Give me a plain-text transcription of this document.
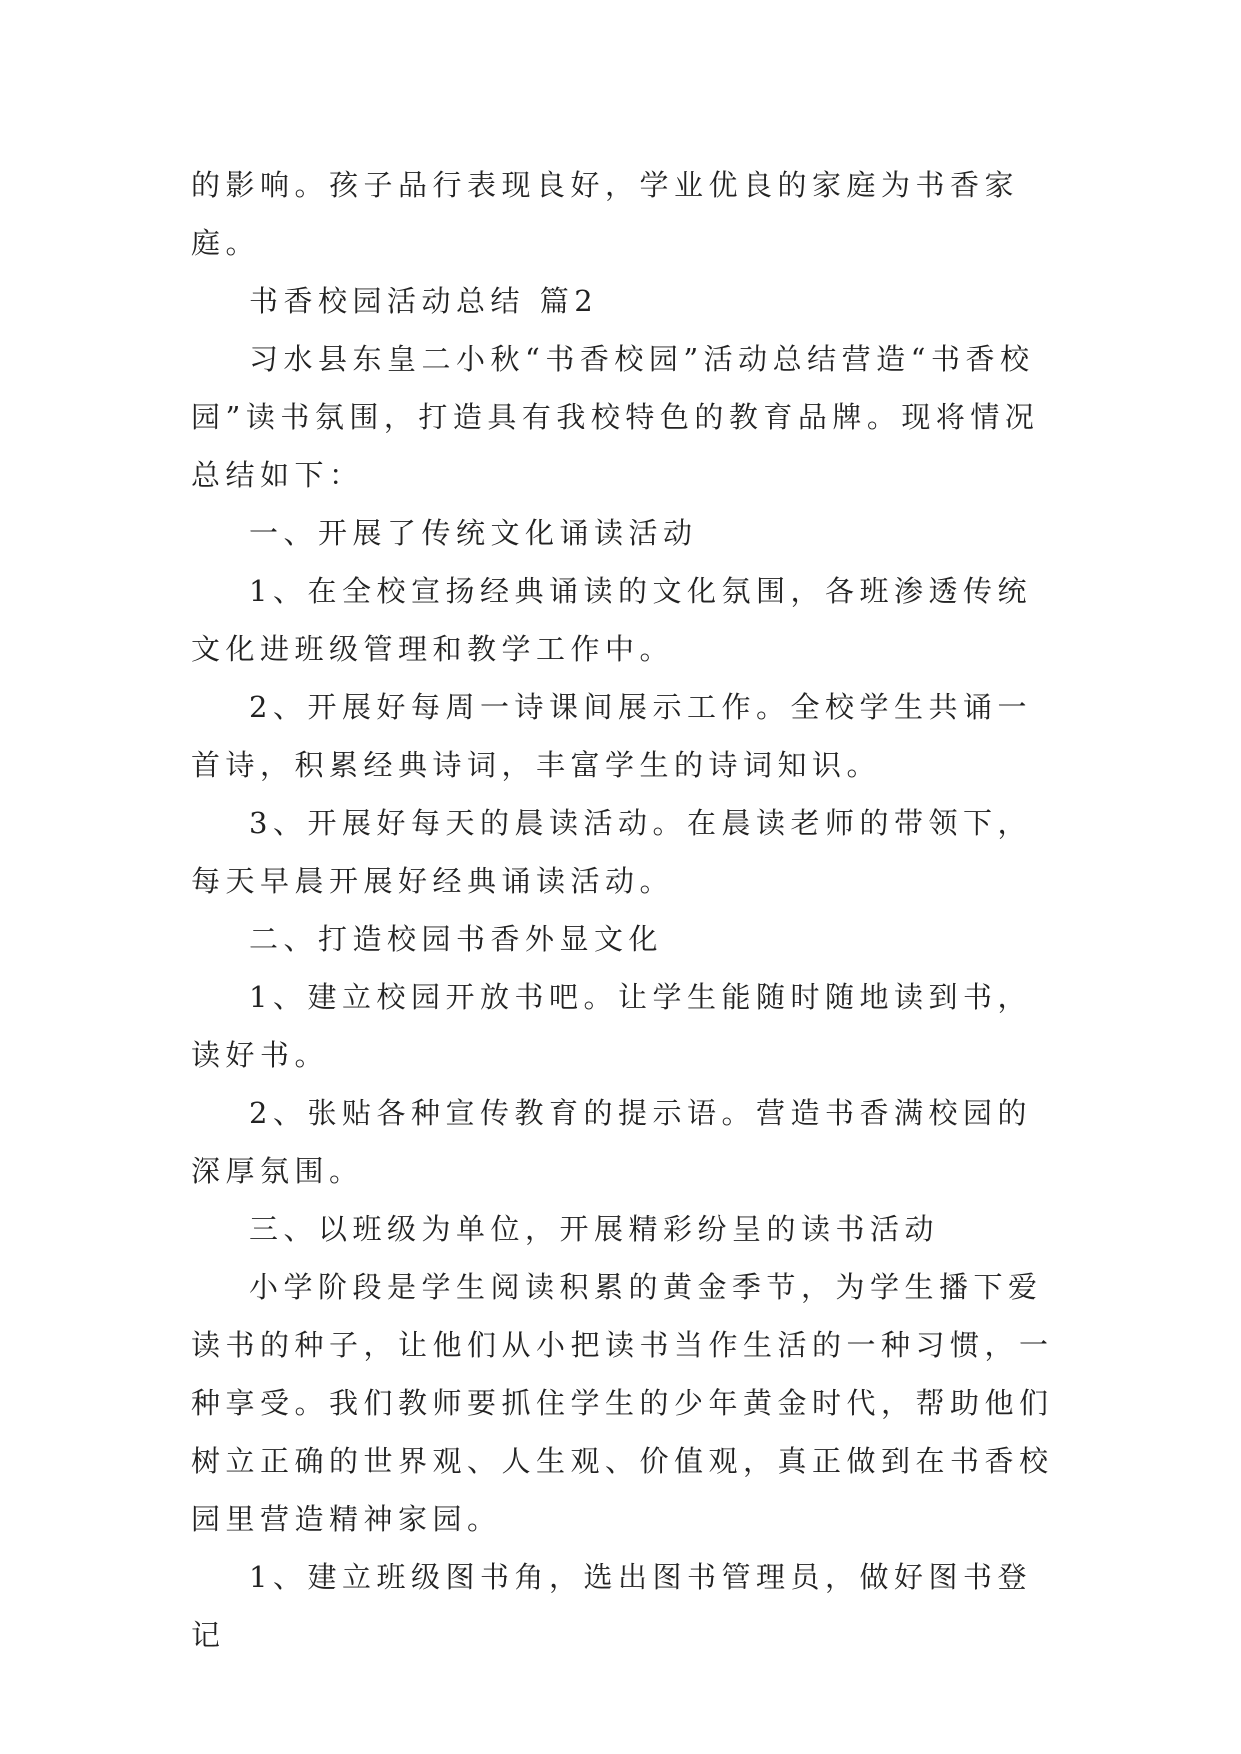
的影响。孩子品行表现良好，学业优良的家庭为书香家庭。

书香校园活动总结 篇2

习水县东皇二小秋“书香校园”活动总结营造“书香校园”读书氛围，打造具有我校特色的教育品牌。现将情况总结如下：

一、开展了传统文化诵读活动

1、在全校宣扬经典诵读的文化氛围，各班渗透传统文化进班级管理和教学工作中。

2、开展好每周一诗课间展示工作。全校学生共诵一首诗，积累经典诗词，丰富学生的诗词知识。

3、开展好每天的晨读活动。在晨读老师的带领下，每天早晨开展好经典诵读活动。

二、打造校园书香外显文化

1、建立校园开放书吧。让学生能随时随地读到书，读好书。

2、张贴各种宣传教育的提示语。营造书香满校园的深厚氛围。

三、以班级为单位，开展精彩纷呈的读书活动

小学阶段是学生阅读积累的黄金季节，为学生播下爱读书的种子，让他们从小把读书当作生活的一种习惯，一种享受。我们教师要抓住学生的少年黄金时代，帮助他们树立正确的世界观、人生观、价值观，真正做到在书香校园里营造精神家园。

1、建立班级图书角，选出图书管理员，做好图书登记
